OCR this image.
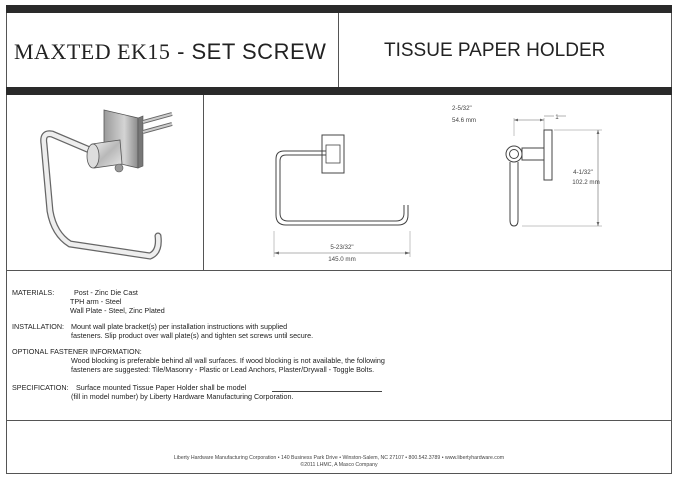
MAXTED EK15 - SET SCREW	TISSUE PAPER HOLDER
5-23/32"
145.0 mm
2-5/32"
54.6 mm	1
4-1/32"
102.2 mm
MATERIALS:	Post - Zinc Die Cast
TPH arm - Steel
Wall Plate - Steel, Zinc Plated
INSTALLATION: Mount wall plate bracket(s) per installation instructions with supplied
fasteners. Slip product over wall plate(s) and tighten set screws until secure.
OPTIONAL FASTENER INFORMATION:
Wood blocking is preferable behind all wall surfaces. If wood blocking is not available, the following
fasteners are suggested: Tile/Masonry - Plastic or Lead Anchors, Plaster/Drywall - Toggle Bolts.
SPECIFICATION: Surface mounted Tissue Paper Holder shall be model
(fill in model number) by Liberty Hardware Manufacturing Corporation.
Liberty Hardware Manufacturing Corporation • 140 Business Park Drive • Winston-Salem, NC 27107 • 800.542.3789 • www.libertyhardware.com
©2011 LHMC, A Masco Company
